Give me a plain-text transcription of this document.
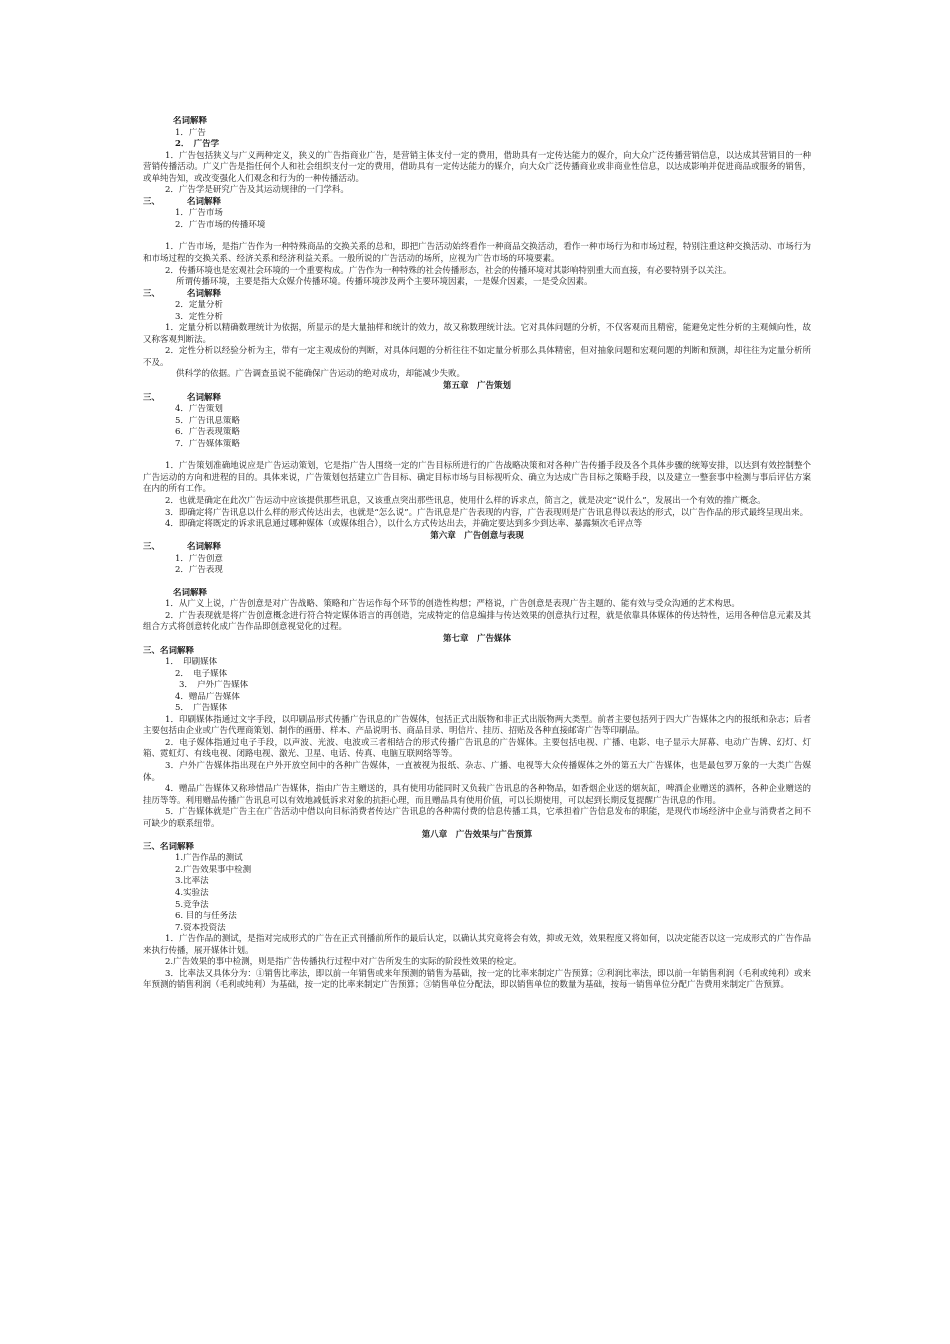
名词解释
1．广告
2．　广告学
1．广告包括狭义与广义两种定义，狭义的广告指商业广告，是营销主体支付一定的费用，借助具有一定传达能力的媒介，向大众广泛传播营销信息，以达成其营销目的一种营销传播活动。广义广告是指任何个人和社会组织支付一定的费用，借助具有一定传达能力的媒介，向大众广泛传播商业或非商业性信息，以达成影响并促进商品或服务的销售，或单纯告知，或改变强化人们观念和行为的一种传播活动。
2．广告学是研究广告及其运动规律的一门学科。
三、	名词解释
1．广告市场
2．广告市场的传播环境
1．广告市场，是指广告作为一种特殊商品的交换关系的总和，即把广告活动始终看作一种商品交换活动，看作一种市场行为和市场过程，特别注重这种交换活动、市场行为和市场过程的交换关系、经济关系和经济利益关系。一般所说的广告活动的场所，应视为广告市场的环境要素。
2．传播环境也是宏观社会环境的一个重要构成。广告作为一种特殊的社会传播形态，社会的传播环境对其影响特别重大而直接，有必要特别予以关注。
所谓传播环境，主要是指大众媒介传播环境。传播环境涉及两个主要环境因素，一是媒介因素，一是受众因素。
三、	名词解释
2．定量分析
3．定性分析
1．定量分析以精确数理统计为依据，所显示的是大量抽样和统计的效力，故又称数理统计法。它对具体问题的分析，不仅客观而且精密，能避免定性分析的主观倾向性，故又称客观判断法。
2．定性分析以经验分析为主，带有一定主观成份的判断，对具体问题的分析往往不如定量分析那么具体精密，但对抽象问题和宏观问题的判断和预测，却往往为定量分析所不及。
供科学的依据。广告调查虽说不能确保广告运动的绝对成功，却能减少失败。
第五章　广告策划
三、	名词解释
4．广告策划
5．广告讯息策略
6．广告表现策略
7．广告媒体策略
1．广告策划准确地说应是广告运动策划，它是指广告人围绕一定的广告目标所进行的广告战略决策和对各种广告传播手段及各个具体步骤的统筹安排，以达到有效控制整个广告运动的方向和进程的目的。具体来说，广告策划包括建立广告目标、确定目标市场与目标视听众、确立为达成广告目标之策略手段，以及建立一整套事中检测与事后评估方案在内的所有工作。
2．也就是确定在此次广告运动中应该提供那些讯息，又该重点突出那些讯息，使用什么样的诉求点，简言之，就是决定“说什么”，发展出一个有效的推广概念。
3．即确定将广告讯息以什么样的形式传达出去，也就是“怎么说”。广告讯息是广告表现的内容，广告表现则是广告讯息得以表达的形式，以广告作品的形式最终呈现出来。
4．即确定将既定的诉求讯息通过哪种媒体（或媒体组合），以什么方式传达出去，并确定要达到多少到达率、暴露频次毛评点等
第六章　广告创意与表现
三、	名词解释
1．广告创意
2．广告表现
名词解释
1．从广义上说，广告创意是对广告战略、策略和广告运作每个环节的创造性构想；严格说，广告创意是表现广告主题的、能有效与受众沟通的艺术构思。
2．广告表现就是将广告创意概念进行符合特定媒体语言的再创造，完成特定的信息编排与传达效果的创意执行过程，就是依靠具体媒体的传达特性，运用各种信息元素及其组合方式将创意转化成广告作品即创意视觉化的过程。
第七章　广告媒体
三、名词解释
1．　印刷媒体
2．　电子媒体
3．　户外广告媒体
4．赠品广告媒体
5．　广告媒体
1．印刷媒体指通过文字手段，以印刷品形式传播广告讯息的广告媒体，包括正式出版物和非正式出版物两大类型。前者主要包括列于四大广告媒体之内的报纸和杂志；后者主要包括由企业或广告代理商策划、制作的画册、样本、产品说明书、商品目录、明信片、挂历、招贴及各种直接邮寄广告等印刷品。
2．电子媒体指通过电子手段，以声波、光波、电波或三者相结合的形式传播广告讯息的广告媒体。主要包括电视、广播、电影、电子显示大屏幕、电动广告牌、幻灯、灯箱、霓虹灯、有线电视、闭路电视、激光、卫星、电话、传真、电脑互联网络等等。
3．户外广告媒体指出现在户外开放空间中的各种广告媒体，一直被视为报纸、杂志、广播、电视等大众传播媒体之外的第五大广告媒体，也是最包罗万象的一大类广告媒体。
4．赠品广告媒体又称珍惜品广告媒体，指由广告主赠送的，具有使用功能同时又负载广告讯息的各种物品，如香烟企业送的烟灰缸，啤酒企业赠送的酒杯，各种企业赠送的挂历等等。利用赠品传播广告讯息可以有效地减低诉求对象的抗拒心理，而且赠品具有使用价值，可以长期使用，可以起到长期反复提醒广告讯息的作用。
5．广告媒体就是广告主在广告活动中借以向目标消费者传达广告讯息的各种需付费的信息传播工具，它承担着广告信息发布的职能，是现代市场经济中企业与消费者之间不可缺少的联系纽带。
第八章　广告效果与广告预算
三、名词解释
1.广告作品的测试
2.广告效果事中检测
3.比率法
4.实验法
5.竞争法
6. 目的与任务法
7.资本投资法
1．广告作品的测试，是指对完成形式的广告在正式刊播前所作的最后认定，以确认其究竟将会有效，抑或无效，效果程度又将如何，以决定能否以这一完成形式的广告作品来执行传播，展开媒体计划。
2.广告效果的事中检测，则是指广告传播执行过程中对广告所发生的实际的阶段性效果的检定。
3．比率法又具体分为：①销售比率法，即以前一年销售或来年预测的销售为基础，按一定的比率来制定广告预算；②利润比率法，即以前一年销售利润（毛利或纯利）或来年预测的销售利润（毛利或纯利）为基础，按一定的比率来制定广告预算；③销售单位分配法，即以销售单位的数量为基础，按每一销售单位分配广告费用来制定广告预算。
